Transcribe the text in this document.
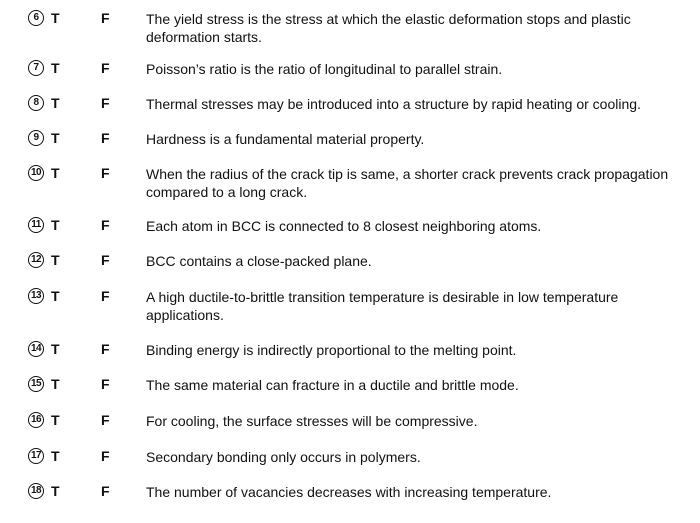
6 T	F	The yield stress is the stress at which the elastic deformation stops and plastic deformation starts.
7 T	F	Poisson’s ratio is the ratio of longitudinal to parallel strain.
8 T	F	Thermal stresses may be introduced into a structure by rapid heating or cooling.
9 T	F	Hardness is a fundamental material property.
10 T	F	When the radius of the crack tip is same, a shorter crack prevents crack propagation compared to a long crack.
11 T	F	Each atom in BCC is connected to 8 closest neighboring atoms.
12 T	F	BCC contains a close-packed plane.
13 T	F	A high ductile-to-brittle transition temperature is desirable in low temperature applications.
14 T	F	Binding energy is indirectly proportional to the melting point.
15 T	F	The same material can fracture in a ductile and brittle mode.
16 T	F	For cooling, the surface stresses will be compressive.
17 T	F	Secondary bonding only occurs in polymers.
18 T	F	The number of vacancies decreases with increasing temperature.
